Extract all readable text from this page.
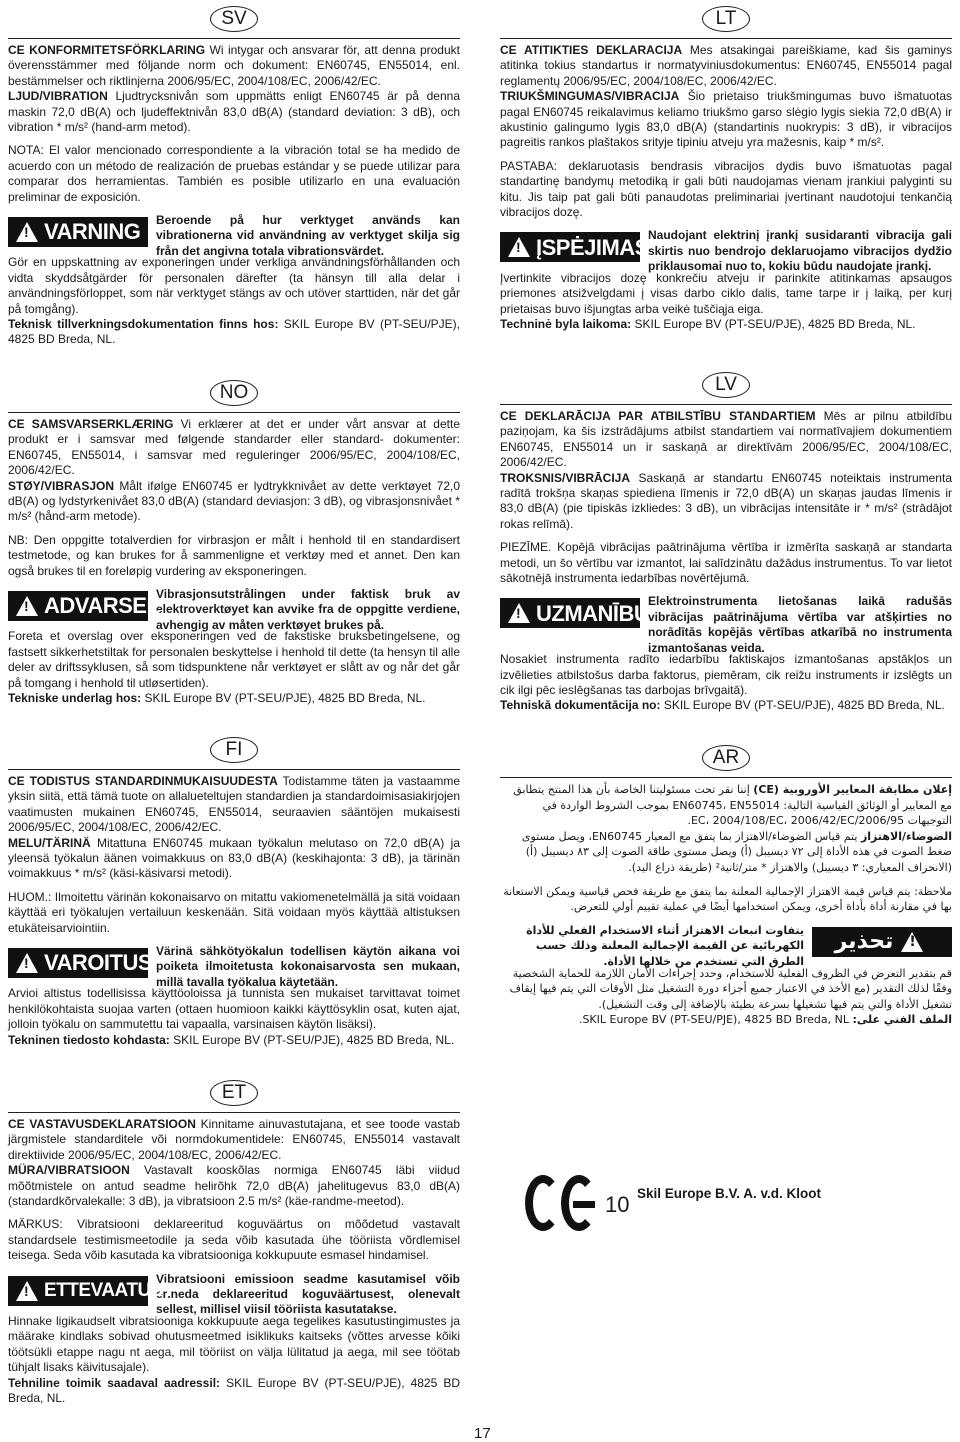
SV

CE KONFORMITETSFÖRKLARING Wi intygar och ansvarar för, att denna produkt överensstämmer med följande norm och dokument: EN60745, EN55014, enl. bestämmelser och riktlinjerna 2006/95/EC, 2004/108/EC, 2006/42/EC.

LJUD/VIBRATION Ljudtrycksnivån som uppmätts enligt EN60745 är på denna maskin 72,0 dB(A) och ljudeffektnivån 83,0 dB(A) (standard deviation: 3 dB), och vibration * m/s² (hand-arm metod).

NOTA: El valor mencionado correspondiente a la vibración total se ha medido de acuerdo con un método de realización de pruebas estándar y se puede utilizar para comparar dos herramientas. También es posible utilizarlo en una evaluación preliminar de exposición.

!
VARNING Beroende på hur verktyget används kan vibrationerna vid användning av verktyget skilja sig från det angivna totala vibrationsvärdet.

Gör en uppskattning av exponeringen under verkliga användningsförhållanden och vidta skyddsåtgärder för personalen därefter (ta hänsyn till alla delar i användningsförloppet, som när verktyget stängs av och utöver starttiden, när det går på tomgång).

Teknisk tillverkningsdokumentation finns hos: SKIL Europe BV (PT-SEU/PJE), 4825 BD Breda, NL.

LT

CE ATITIKTIES DEKLARACIJA Mes atsakingai pareiškiame, kad šis gaminys atitinka tokius standartus ir normatyviniusdokumentus: EN60745, EN55014 pagal reglamentų 2006/95/EC, 2004/108/EC, 2006/42/EC.

TRIUKŠMINGUMAS/VIBRACIJA Šio prietaiso triukšmingumas buvo išmatuotas pagal EN60745 reikalavimus keliamo triukšmo garso slėgio lygis siekia 72,0 dB(A) ir akustinio galingumo lygis 83,0 dB(A) (standartinis nuokrypis: 3 dB), ir vibracijos pagreitis rankos plaštakos srityje tipiniu atveju yra mažesnis, kaip * m/s².

PASTABA: deklaruotasis bendrasis vibracijos dydis buvo išmatuotas pagal standartinę bandymų metodiką ir gali būti naudojamas vienam įrankiui palyginti su kitu. Jis taip pat gali būti panaudotas preliminariai įvertinant naudotojui tenkančią vibracijos dozę.

!
ĮSPĖJIMAS Naudojant elektrinį įrankį susidaranti vibracija gali skirtis nuo bendrojo deklaruojamo vibracijos dydžio priklausomai nuo to, kokiu būdu naudojate įrankį.

Įvertinkite vibracijos dozę konkrečiu atveju ir parinkite atitinkamas apsaugos priemones atsižvelgdami į visas darbo ciklo dalis, tame tarpe ir į laiką, per kurį prietaisas buvo išjungtas arba veikė tuščiąja eiga.

Techninė byla laikoma: SKIL Europe BV (PT-SEU/PJE), 4825 BD Breda, NL.

NO

CE SAMSVARSERKLÆRING Vi erklærer at det er under vårt ansvar at dette produkt er i samsvar med følgende standarder eller standard- dokumenter: EN60745, EN55014, i samsvar med reguleringer 2006/95/EC, 2004/108/EC, 2006/42/EC.

STØY/VIBRASJON Målt ifølge EN60745 er lydtrykknivået av dette verktøyet 72,0 dB(A) og lydstyrkenivået 83,0 dB(A) (standard deviasjon: 3 dB), og vibrasjonsnivået * m/s² (hånd-arm metode).

NB: Den oppgitte totalverdien for virbrasjon er målt i henhold til en standardisert testmetode, og kan brukes for å sammenligne et verktøy med et annet. Den kan også brukes til en foreløpig vurdering av eksponeringen.

!
ADVARSEL
Vibrasjonsutstrålingen under faktisk bruk av elektroverktøyet kan avvike fra de oppgitte verdiene, avhengig av måten verktøyet brukes på.

Foreta et overslag over eksponeringen ved de fakstiske bruksbetingelsene, og fastsett sikkerhetstiltak for personalen beskyttelse i henhold til dette (ta hensyn til alle deler av driftssyklusen, så som tidspunktene når verktøyet er slått av og når det går på tomgang i henhold til utløsertiden).

Tekniske underlag hos: SKIL Europe BV (PT-SEU/PJE), 4825 BD Breda, NL.

LV

CE DEKLARĀCIJA PAR ATBILSTĪBU STANDARTIEM Mēs ar pilnu atbildību paziņojam, ka šis izstrādājums atbilst standartiem vai normatīvajiem dokumentiem EN60745, EN55014 un ir saskaņā ar direktīvām 2006/95/EC, 2004/108/EC, 2006/42/EC.

TROKSNIS/VIBRĀCIJA Saskaņā ar standartu EN60745 noteiktais instrumenta radītā trokšņa skaņas spiediena līmenis ir 72,0 dB(A) un skaņas jaudas līmenis ir 83,0 dB(A) (pie tipiskās izkliedes: 3 dB), un vibrācijas intensitāte ir * m/s² (strādājot rokas relīmā).

PIEZĪME. Kopējā vibrācijas paātrinājuma vērtība ir izmērīta saskaņā ar standarta metodi, un šo vērtību var izmantot, lai salīdzinātu dažādus instrumentus. To var lietot sākotnējā instrumenta iedarbības novērtējumā.

!
UZMANĪBU
Elektroinstrumenta lietošanas laikā radušās vibrācijas paātrinājuma vērtība var atšķirties no norādītās kopējās vērtības atkarībā no instrumenta izmantošanas veida.

Nosakiet instrumenta radīto iedarbību faktiskajos izmantošanas apstākļos un izvēlieties atbilstošus darba faktorus, piemēram, cik reižu instruments ir izslēgts un cik ilgi pēc ieslēgšanas tas darbojas brīvgaitā).

Tehniskā dokumentācija no: SKIL Europe BV (PT-SEU/PJE), 4825 BD Breda, NL.

FI

CE TODISTUS STANDARDINMUKAISUUDESTA Todistamme täten ja vastaamme yksin siitä, että tämä tuote on allalueteltujen standardien ja standardoimisasiakirjojen vaatimusten mukainen EN60745, EN55014, seuraavien sääntöjen mukaisesti 2006/95/EC, 2004/108/EC, 2006/42/EC.

MELU/TÄRINÄ Mitattuna EN60745 mukaan työkalun melutaso on 72,0 dB(A) ja yleensä työkalun äänen voimakkuus on 83,0 dB(A) (keskihajonta: 3 dB), ja tärinän voimakkuus * m/s² (käsi-käsivarsi metodi).

HUOM.: Ilmoitettu värinän kokonaisarvo on mitattu vakiomenetelmällä ja sitä voidaan käyttää eri työkalujen vertailuun keskenään. Sitä voidaan myös käyttää altistuksen etukäteisarviointiin.

!
VAROITUS Värinä sähkötyökalun todellisen käytön aikana voi poiketa ilmoitetusta kokonaisarvosta sen mukaan, millä tavalla työkalua käytetään.

Arvioi altistus todellisissa käyttöoloissa ja tunnista sen mukaiset tarvittavat toimet henkilökohtaista suojaa varten (ottaen huomioon kaikki käyttösyklin osat, kuten ajat, jolloin työkalu on sammutettu tai vapaalla, varsinaisen käytön lisäksi).

Tekninen tiedosto kohdasta: SKIL Europe BV (PT-SEU/PJE), 4825 BD Breda, NL.

AR

إعلان مطابقة المعايير الأوروبية (CE) إننا نقر تحت مسئوليتنا الخاصة بأن هذا المنتج يتطابق مع المعايير أو الوثائق القياسية التالية: EN60745، EN55014 بموجب الشروط الواردة في التوجيهات 2006/95/EC، 2004/108/EC، 2006/42/EC.

الضوضاء/الاهتزاز يتم قياس الضوضاء/الاهتزاز بما يتفق مع المعيار EN60745، ويصل مستوى ضغط الصوت في هذه الأداة إلى ٧٢ ديسيبل (أ) ويصل مستوى طاقة الصوت إلى ٨٣ ديسيبل (أ) (الانحراف المعياري: ٣ ديسيبل) والاهتزاز * متر/ثانية² (طريقة ذراع اليد).

ملاحظة: يتم قياس قيمة الاهتزاز الإجمالية المعلنة بما يتفق مع طريقة فحص قياسية ويمكن الاستعانة بها في مقارنة أداة بأداة أخرى، ويمكن استخدامها أيضًا في عملية تقييم أولي للتعرض.

!
تحذير
يتفاوت انبعاث الاهتزاز أثناء الاستخدام الفعلي للأداة الكهربائية عن القيمة الإجمالية المعلنة وذلك حسب الطرق التي تستخدم من خلالها الأداة.

قم بتقدير التعرض في الظروف الفعلية للاستخدام، وحدد إجراءات الأمان اللازمة للحماية الشخصية وفقًا لذلك التقدير (مع الأخذ في الاعتبار جميع أجزاء دورة التشغيل مثل الأوقات التي يتم فيها إيقاف تشغيل الأداة والتي يتم فيها تشغيلها بسرعة بطيئة بالإضافة إلى وقت التشغيل).

الملف الفني على: SKIL Europe BV (PT-SEU/PJE), 4825 BD Breda, NL.

ET

CE VASTAVUSDEKLARATSIOON Kinnitame ainuvastutajana, et see toode vastab järgmistele standarditele või normdokumentidele: EN60745, EN55014 vastavalt direktiivide 2006/95/EC, 2004/108/EC, 2006/42/EC.

MÜRA/VIBRATSIOON Vastavalt kooskõlas normiga EN60745 läbi viidud mõõtmistele on antud seadme helirõhk 72,0 dB(A) jahelitugevus 83,0 dB(A) (standardkõrvalekalle: 3 dB), ja vibratsioon 2.5 m/s² (käe-randme-meetod).

MÄRKUS: Vibratsiooni deklareeritud koguväärtus on mõõdetud vastavalt standardsele testimismeetodile ja seda võib kasutada ühe tööriista võrdlemisel teisega. Seda võib kasutada ka vibratsiooniga kokkupuute esmasel hindamisel.

!
ETTEVAATUST
Vibratsiooni emissioon seadme kasutamisel võib erineda deklareeritud koguväärtusest, olenevalt sellest, millisel viisil tööriista kasutatakse.

Hinnake ligikaudselt vibratsiooniga kokkupuute aega tegelikes kasutustingimustes ja määrake kindlaks sobivad ohutusmeetmed isiklikuks kaitseks (võttes arvesse kõiki töötsükli etappe nagu nt aega, mil tööriist on välja lülitatud ja aega, mil see töötab tühjalt lisaks käivitusajale).

Tehniline toimik saadaval aadressil: SKIL Europe BV (PT-SEU/PJE), 4825 BD Breda, NL.

10 Skil Europe B.V. A. v.d. Kloot
17
